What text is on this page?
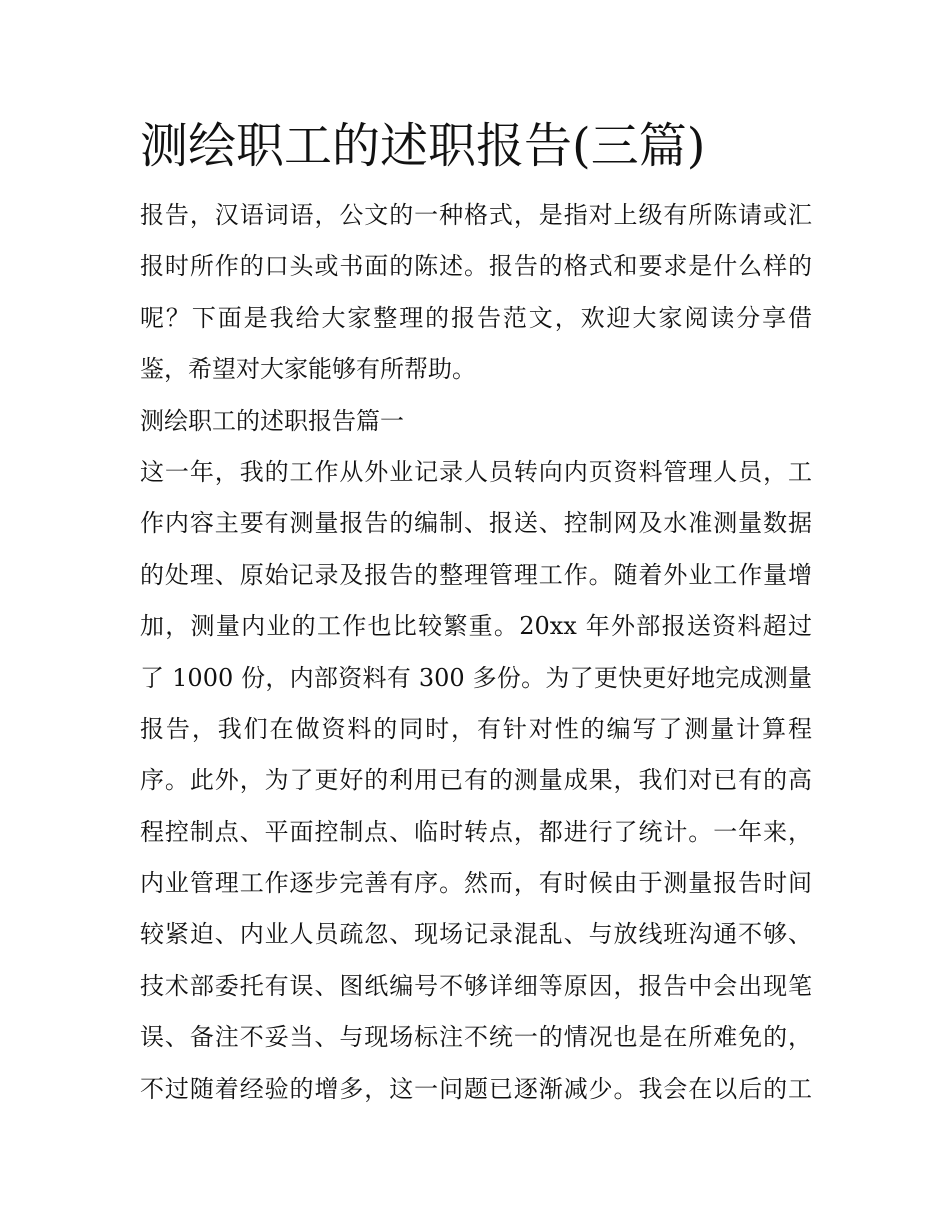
测绘职工的述职报告(三篇)
报告，汉语词语，公文的一种格式，是指对上级有所陈请或汇
报时所作的口头或书面的陈述。报告的格式和要求是什么样的
呢？下面是我给大家整理的报告范文，欢迎大家阅读分享借
鉴，希望对大家能够有所帮助。
测绘职工的述职报告篇一
这一年，我的工作从外业记录人员转向内页资料管理人员，工
作内容主要有测量报告的编制、报送、控制网及水准测量数据
的处理、原始记录及报告的整理管理工作。随着外业工作量增
加，测量内业的工作也比较繁重。20xx 年外部报送资料超过
了 1000 份，内部资料有 300 多份。为了更快更好地完成测量
报告，我们在做资料的同时，有针对性的编写了测量计算程
序。此外，为了更好的利用已有的测量成果，我们对已有的高
程控制点、平面控制点、临时转点，都进行了统计。一年来，
内业管理工作逐步完善有序。然而，有时候由于测量报告时间
较紧迫、内业人员疏忽、现场记录混乱、与放线班沟通不够、
技术部委托有误、图纸编号不够详细等原因，报告中会出现笔
误、备注不妥当、与现场标注不统一的情况也是在所难免的，
不过随着经验的增多，这一问题已逐渐减少。我会在以后的工
